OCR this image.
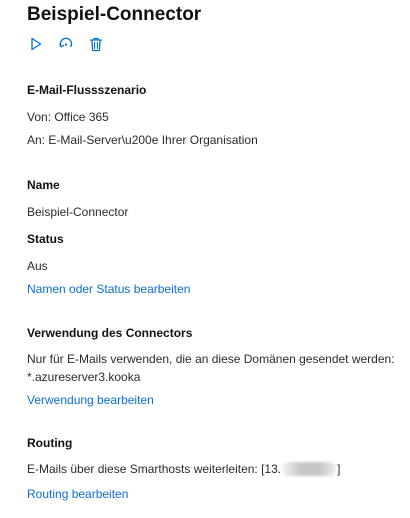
Beispiel-Connector
E-Mail-Flussszenario
Von: Office 365
An: E-Mail-Server\u200e Ihrer Organisation
Name
Beispiel-Connector
Status
Aus
Namen oder Status bearbeiten
Verwendung des Connectors
Nur für E-Mails verwenden, die an diese Domänen gesendet werden:
*.azureserver3.kooka
Verwendung bearbeiten
Routing
E-Mails über diese Smarthosts weiterleiten: [13.	]
Routing bearbeiten
